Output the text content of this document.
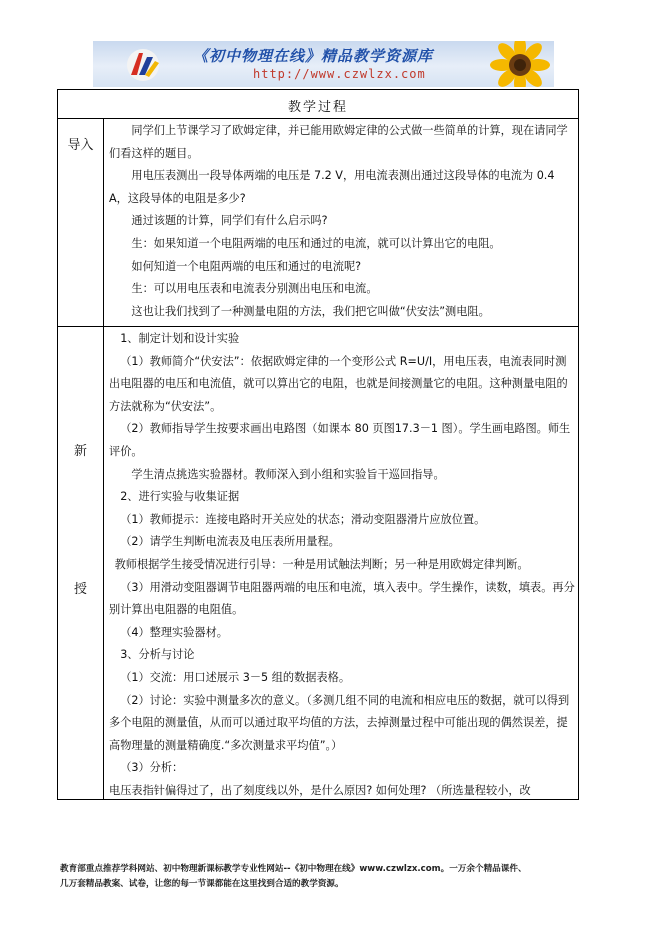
《初中物理在线》精品教学资源库
http://www.czwlzx.com
教学过程
导入

同学们上节课学习了欧姆定律，并已能用欧姆定律的公式做一些简单的计算，现在请同学们看这样的题目。

用电压表测出一段导体两端的电压是 7.2 V，用电流表测出通过这段导体的电流为 0.4 A，这段导体的电阻是多少?

通过该题的计算，同学们有什么启示吗?

生：如果知道一个电阻两端的电压和通过的电流，就可以计算出它的电阻。

如何知道一个电阻两端的电压和通过的电流呢?

生：可以用电压表和电流表分别测出电压和电流。

这也让我们找到了一种测量电阻的方法，我们把它叫做“伏安法”测电阻。

新
授

1、制定计划和设计实验

（1）教师简介“伏安法”：依据欧姆定律的一个变形公式 R=U/I，用电压表，电流表同时测出电阻器的电压和电流值，就可以算出它的电阻，也就是间接测量它的电阻。这种测量电阻的方法就称为“伏安法”。

（2）教师指导学生按要求画出电路图（如课本 80 页图17.3－1 图）。学生画电路图。师生评价。

学生清点挑选实验器材。教师深入到小组和实验旨干巡回指导。

2、进行实验与收集证据

（1）教师提示：连接电路时开关应处的状态；滑动变阻器滑片应放位置。

（2）请学生判断电流表及电压表所用量程。

教师根据学生接受情况进行引导：一种是用试触法判断；另一种是用欧姆定律判断。

（3）用滑动变阻器调节电阻器两端的电压和电流，填入表中。学生操作，读数，填表。再分别计算出电阻器的电阻值。

（4）整理实验器材。

3、分析与讨论

（1）交流：用口述展示 3－5 组的数据表格。

（2）讨论：实验中测量多次的意义。（多测几组不同的电流和相应电压的数据，就可以得到多个电阻的测量值，从而可以通过取平均值的方法，去掉测量过程中可能出现的偶然误差，提高物理量的测量精确度.“多次测量求平均值”。）

（3）分析：

电压表指针偏得过了，出了刻度线以外，是什么原因? 如何处理? （所选量程较小，改

教育部重点推荐学科网站、初中物理新课标教学专业性网站--《初中物理在线》www.czwlzx.com。一万余个精品课件、
几万套精品教案、试卷，让您的每一节课都能在这里找到合适的教学资源。
